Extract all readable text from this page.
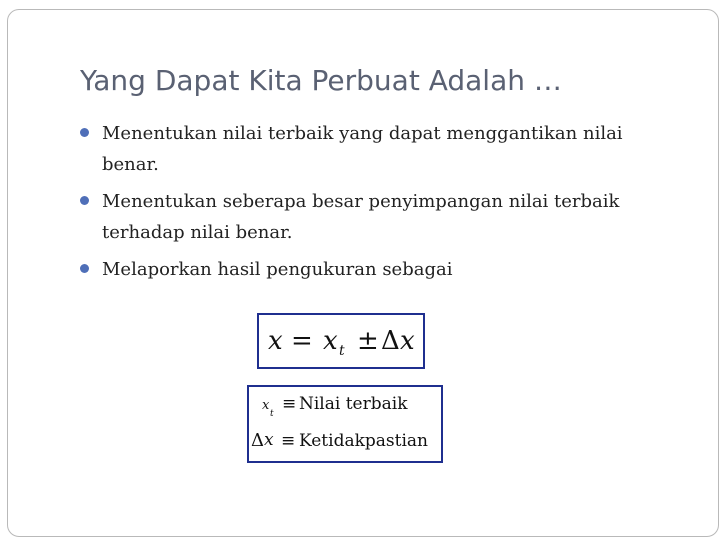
Yang Dapat Kita Perbuat Adalah …
Menentukan nilai terbaik yang dapat menggantikan nilai benar.
Menentukan seberapa besar penyimpangan nilai terbaik terhadap nilai benar.
Melaporkan hasil pengukuran sebagai
x = x t ± Δ x
x
t ≡ Nilai terbaik
Δ x ≡ Ketidakpastian
